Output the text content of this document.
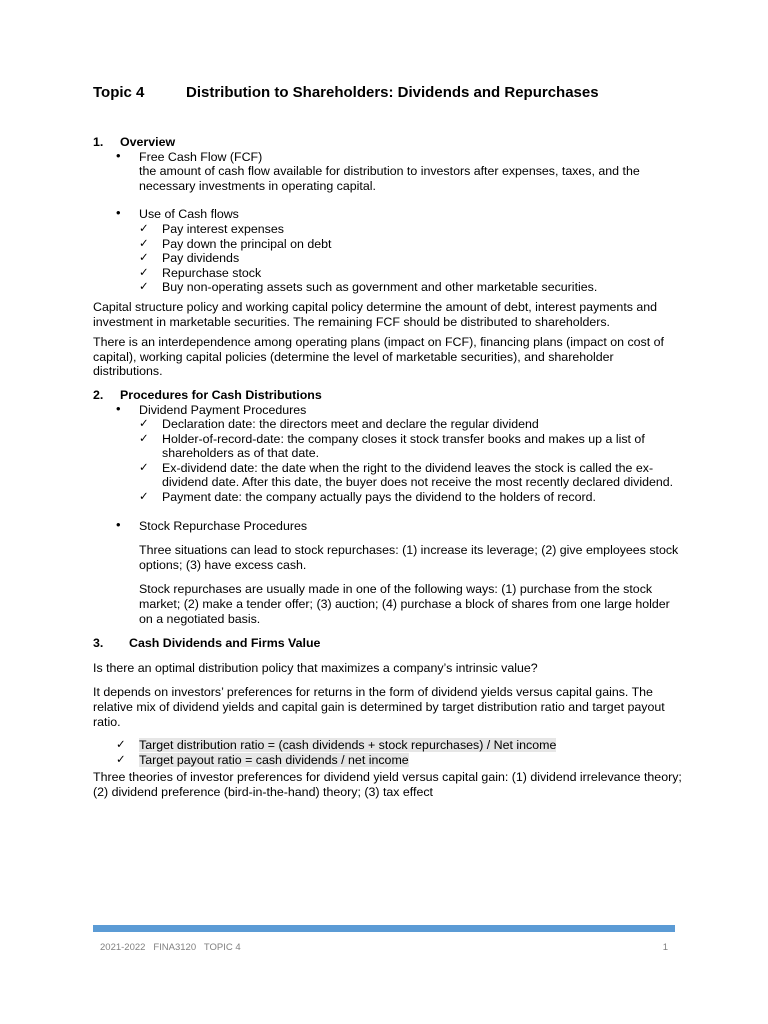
Topic 4	Distribution to Shareholders: Dividends and Repurchases
1. Overview
• Free Cash Flow (FCF)
the amount of cash flow available for distribution to investors after expenses, taxes, and the necessary investments in operating capital.
• Use of Cash flows
✓ Pay interest expenses
✓ Pay down the principal on debt
✓ Pay dividends
✓ Repurchase stock
✓ Buy non-operating assets such as government and other marketable securities.

Capital structure policy and working capital policy determine the amount of debt, interest payments and investment in marketable securities. The remaining FCF should be distributed to shareholders.

There is an interdependence among operating plans (impact on FCF), financing plans (impact on cost of capital), working capital policies (determine the level of marketable securities), and shareholder distributions.

2. Procedures for Cash Distributions
• Dividend Payment Procedures
✓ Declaration date: the directors meet and declare the regular dividend
✓ Holder-of-record-date: the company closes it stock transfer books and makes up a list of shareholders as of that date.
✓ Ex-dividend date: the date when the right to the dividend leaves the stock is called the ex-dividend date. After this date, the buyer does not receive the most recently declared dividend.
✓ Payment date: the company actually pays the dividend to the holders of record.
• Stock Repurchase Procedures

Three situations can lead to stock repurchases: (1) increase its leverage; (2) give employees stock options; (3) have excess cash.

Stock repurchases are usually made in one of the following ways: (1) purchase from the stock market; (2) make a tender offer; (3) auction; (4) purchase a block of shares from one large holder on a negotiated basis.

3. Cash Dividends and Firms Value

Is there an optimal distribution policy that maximizes a company’s intrinsic value?

It depends on investors’ preferences for returns in the form of dividend yields versus capital gains. The relative mix of dividend yields and capital gain is determined by target distribution ratio and target payout ratio.

✓ Target distribution ratio = (cash dividends + stock repurchases) / Net income
✓ Target payout ratio = cash dividends / net income

Three theories of investor preferences for dividend yield versus capital gain: (1) dividend irrelevance theory; (2) dividend preference (bird-in-the-hand) theory; (3) tax effect

2021-2022   FINA3120   TOPIC 4	1
